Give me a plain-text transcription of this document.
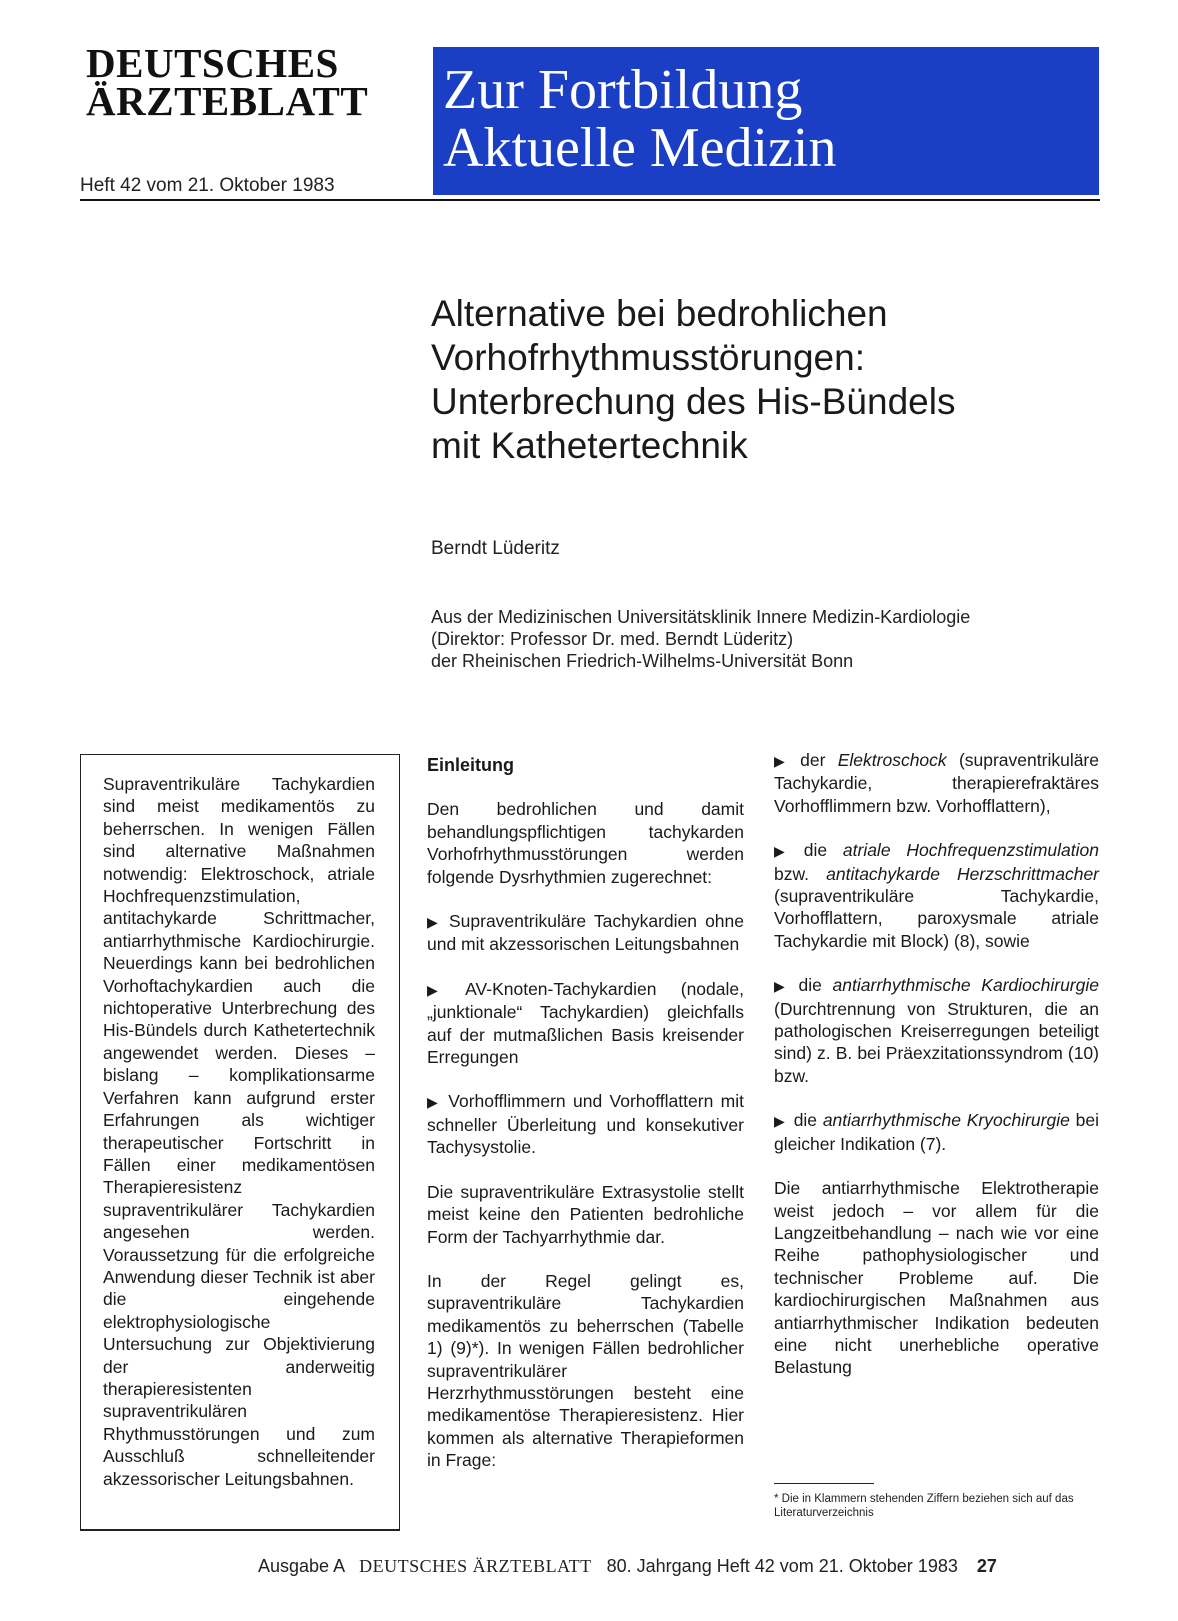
DEUTSCHES
ÄRZTEBLATT
Heft 42 vom 21. Oktober 1983
Zur Fortbildung
Aktuelle Medizin
Alternative bei bedrohlichen
Vorhofrhythmusstörungen:
Unterbrechung des His-Bündels
mit Kathetertechnik
Berndt Lüderitz
Aus der Medizinischen Universitätsklinik Innere Medizin-Kardiologie
(Direktor: Professor Dr. med. Berndt Lüderitz)
der Rheinischen Friedrich-Wilhelms-Universität Bonn
Supraventrikuläre Tachykardien sind meist medikamentös zu beherrschen. In wenigen Fällen sind alternative Maßnahmen notwendig: Elektroschock, atriale Hochfrequenzstimulation, antitachykarde Schrittmacher, antiarrhythmische Kardiochirurgie. Neuerdings kann bei bedrohlichen Vorhoftachykardien auch die nichtoperative Unterbrechung des His-Bündels durch Kathetertechnik angewendet werden. Dieses – bislang – komplikationsarme Verfahren kann aufgrund erster Erfahrungen als wichtiger therapeutischer Fortschritt in Fällen einer medikamentösen Therapieresistenz supraventrikulärer Tachykardien angesehen werden. Voraussetzung für die erfolgreiche Anwendung dieser Technik ist aber die eingehende elektrophysiologische Untersuchung zur Objektivierung der anderweitig therapieresistenten supraventrikulären Rhythmusstörungen und zum Ausschluß schnelleitender akzessorischer Leitungsbahnen.
Einleitung

Den bedrohlichen und damit behandlungspflichtigen tachykarden Vorhofrhythmusstörungen werden folgende Dysrhythmien zugerechnet:

▶ Supraventrikuläre Tachykardien ohne und mit akzessorischen Leitungsbahnen

▶ AV-Knoten-Tachykardien (nodale, „junktionale“ Tachykardien) gleichfalls auf der mutmaßlichen Basis kreisender Erregungen

▶ Vorhofflimmern und Vorhofflattern mit schneller Überleitung und konsekutiver Tachysystolie.

Die supraventrikuläre Extrasystolie stellt meist keine den Patienten bedrohliche Form der Tachyarrhythmie dar.

In der Regel gelingt es, supraventrikuläre Tachykardien medikamentös zu beherrschen (Tabelle 1) (9)*). In wenigen Fällen bedrohlicher supraventrikulärer Herzrhythmusstörungen besteht eine medikamentöse Therapieresistenz. Hier kommen als alternative Therapieformen in Frage:

▶ der Elektroschock (supraventrikuläre Tachykardie, therapierefraktäres Vorhofflimmern bzw. Vorhofflattern),

▶ die atriale Hochfrequenzstimulation bzw. antitachykarde Herzschrittmacher (supraventrikuläre Tachykardie, Vorhofflattern, paroxysmale atriale Tachykardie mit Block) (8), sowie

▶ die antiarrhythmische Kardiochirurgie (Durchtrennung von Strukturen, die an pathologischen Kreiserregungen beteiligt sind) z. B. bei Präexzitationssyndrom (10) bzw.

▶ die antiarrhythmische Kryochirurgie bei gleicher Indikation (7).

Die antiarrhythmische Elektrotherapie weist jedoch – vor allem für die Langzeitbehandlung – nach wie vor eine Reihe pathophysiologischer und technischer Probleme auf. Die kardiochirurgischen Maßnahmen aus antiarrhythmischer Indikation bedeuten eine nicht unerhebliche operative Belastung

* Die in Klammern stehenden Ziffern beziehen sich auf das Literaturverzeichnis
Ausgabe A DEUTSCHES ÄRZTEBLATT 80. Jahrgang Heft 42 vom 21. Oktober 1983 27
